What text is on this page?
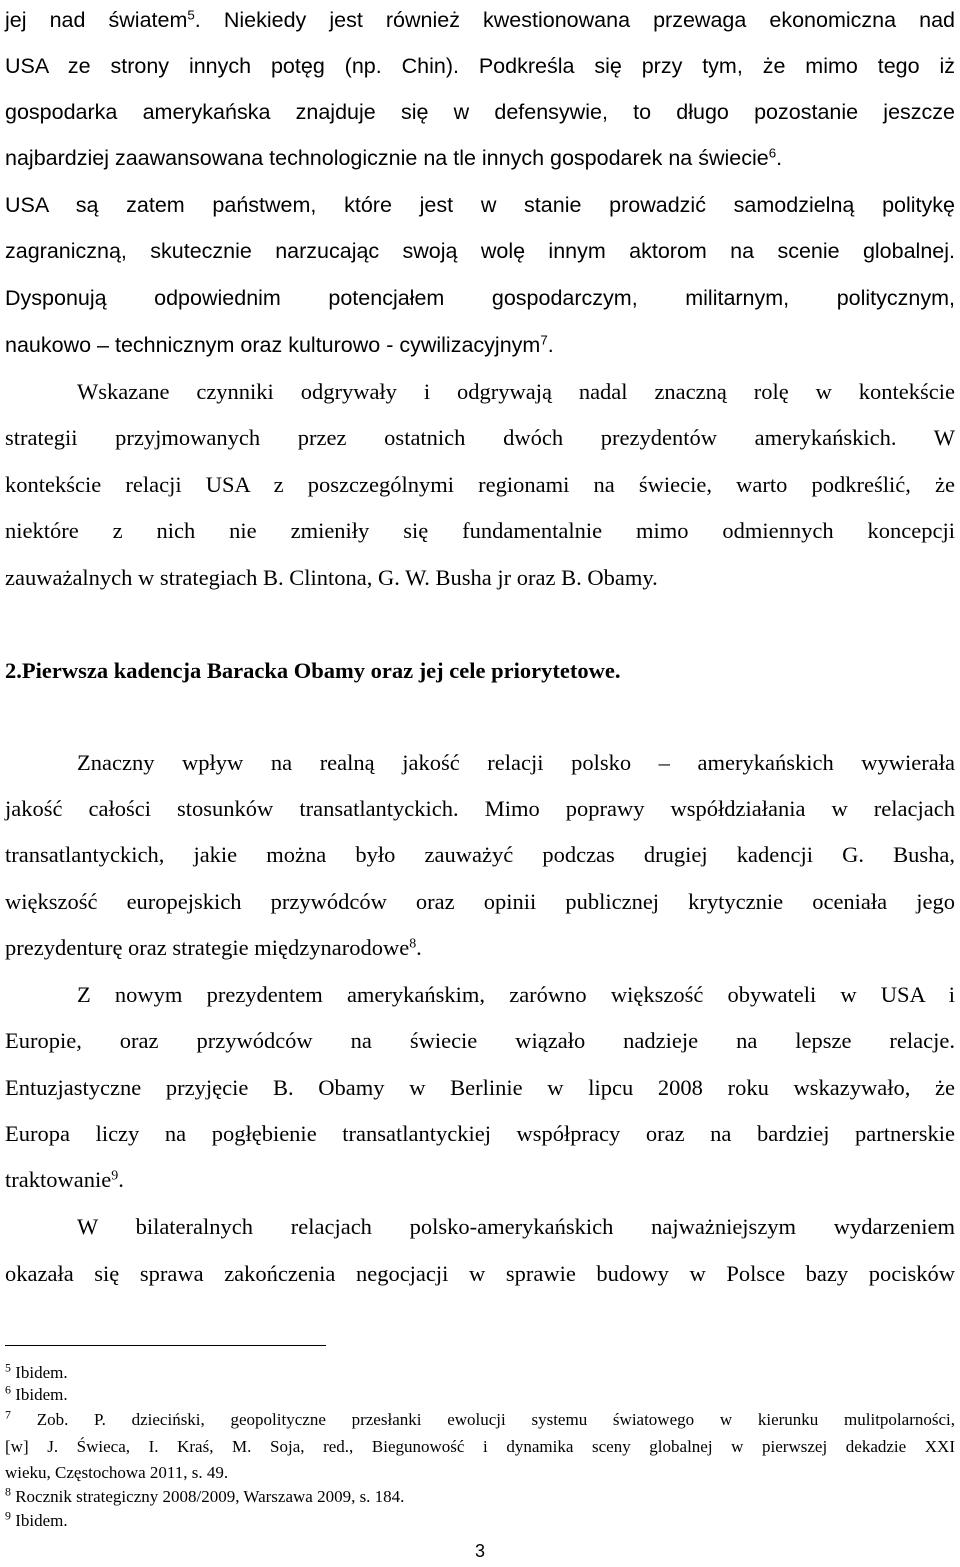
jej nad światem$^5$. Niekiedy jest również kwestionowana przewaga ekonomiczna nad
USA ze strony innych potęg (np. Chin). Podkreśla się przy tym, że mimo tego iż
gospodarka amerykańska znajduje się w defensywie, to długo pozostanie jeszcze
najbardziej zaawansowana technologicznie na tle innych gospodarek na świecie$^6$.
USA są zatem państwem, które jest w stanie prowadzić samodzielną politykę
zagraniczną, skutecznie narzucając swoją wolę innym aktorom na scenie globalnej.
Dysponują odpowiednim potencjałem gospodarczym, militarnym, politycznym,
naukowo – technicznym oraz kulturowo - cywilizacyjnym$^7$.
Wskazane czynniki odgrywały i odgrywają nadal znaczną rolę w kontekście
strategii przyjmowanych przez ostatnich dwóch prezydentów amerykańskich. W
kontekście relacji USA z poszczególnymi regionami na świecie, warto podkreślić, że
niektóre z nich nie zmieniły się fundamentalnie mimo odmiennych koncepcji
zauważalnych w strategiach B. Clintona, G. W. Busha jr oraz B. Obamy.
2.Pierwsza kadencja Baracka Obamy oraz jej cele priorytetowe.
Znaczny wpływ na realną jakość relacji polsko – amerykańskich wywierała
jakość całości stosunków transatlantyckich. Mimo poprawy współdziałania w relacjach
transatlantyckich, jakie można było zauważyć podczas drugiej kadencji G. Busha,
większość europejskich przywódców oraz opinii publicznej krytycznie oceniała jego
prezydenturę oraz strategie międzynarodowe$^8$.
Z nowym prezydentem amerykańskim, zarówno większość obywateli w USA i
Europie, oraz przywódców na świecie wiązało nadzieje na lepsze relacje.
Entuzjastyczne przyjęcie B. Obamy w Berlinie w lipcu 2008 roku wskazywało, że
Europa liczy na pogłębienie transatlantyckiej współpracy oraz na bardziej partnerskie
traktowanie$^9$.
W bilateralnych relacjach polsko-amerykańskich najważniejszym wydarzeniem
okazała się sprawa zakończenia negocjacji w sprawie budowy w Polsce bazy pocisków
$^5$ Ibidem.
$^6$ Ibidem.
$^7$ Zob. P. dzieciński, geopolityczne przesłanki ewolucji systemu światowego w kierunku mulitpolarności,
[w] J. Świeca, I. Kraś, M. Soja, red., Biegunowość i dynamika sceny globalnej w pierwszej dekadzie XXI
wieku, Częstochowa 2011, s. 49.
$^8$ Rocznik strategiczny 2008/2009, Warszawa 2009, s. 184.
$^9$ Ibidem.
3
